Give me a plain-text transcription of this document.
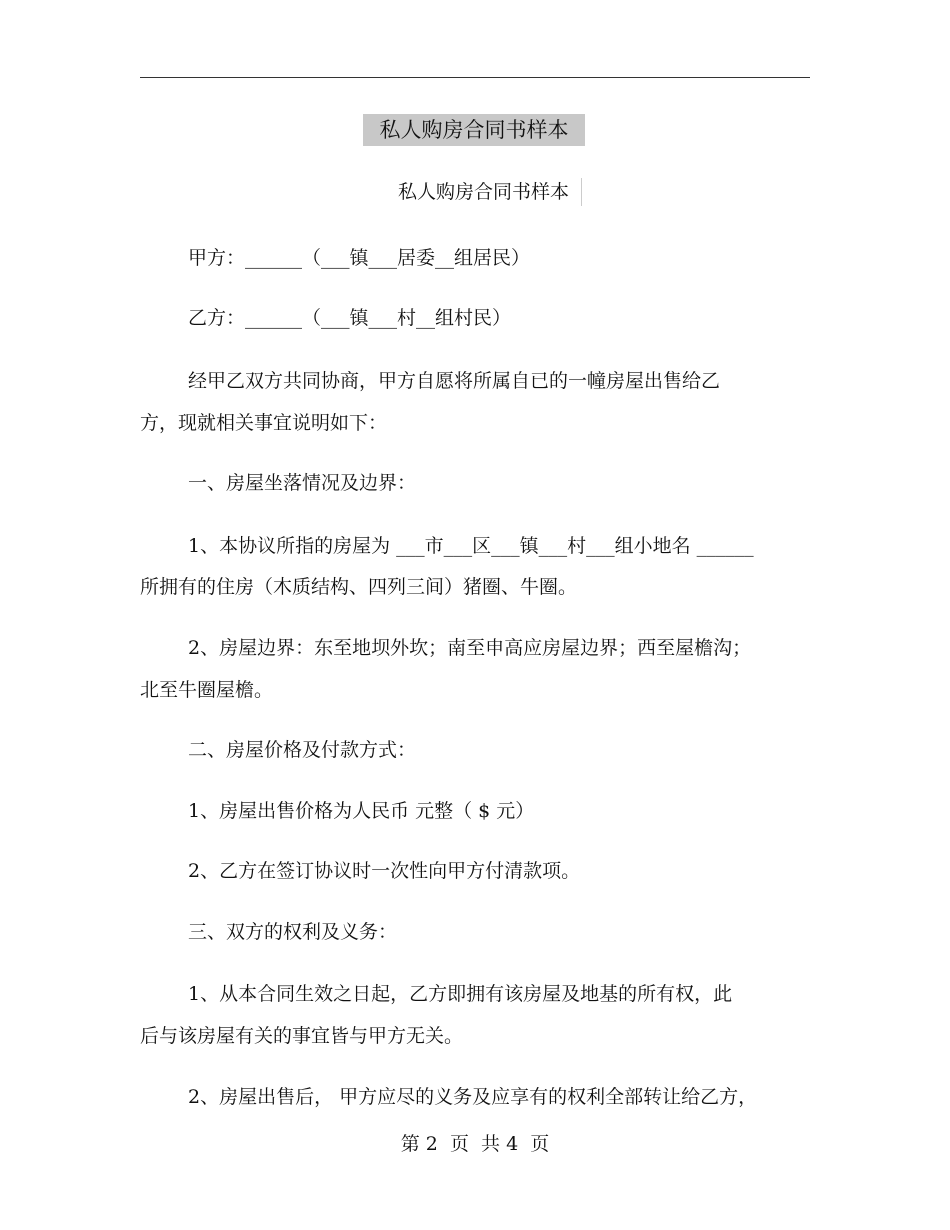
私人购房合同书样本
私人购房合同书样本
甲方：______（___镇___居委__组居民）
乙方：______（___镇___村__组村民）
经甲乙双方共同协商，甲方自愿将所属自已的一幢房屋出售给乙
方，现就相关事宜说明如下：
一、房屋坐落情况及边界：
1、本协议所指的房屋为 ___市___区___镇___村___组小地名 ______
所拥有的住房（木质结构、四列三间）猪圈、牛圈。
2、房屋边界：东至地坝外坎；南至申高应房屋边界；西至屋檐沟；
北至牛圈屋檐。
二、房屋价格及付款方式：
1、房屋出售价格为人民币 元整（ $ 元）
2、乙方在签订协议时一次性向甲方付清款项。
三、双方的权利及义务：
1、从本合同生效之日起，乙方即拥有该房屋及地基的所有权，此
后与该房屋有关的事宜皆与甲方无关。
2、房屋出售后， 甲方应尽的义务及应享有的权利全部转让给乙方，
第 2  页  共 4  页
